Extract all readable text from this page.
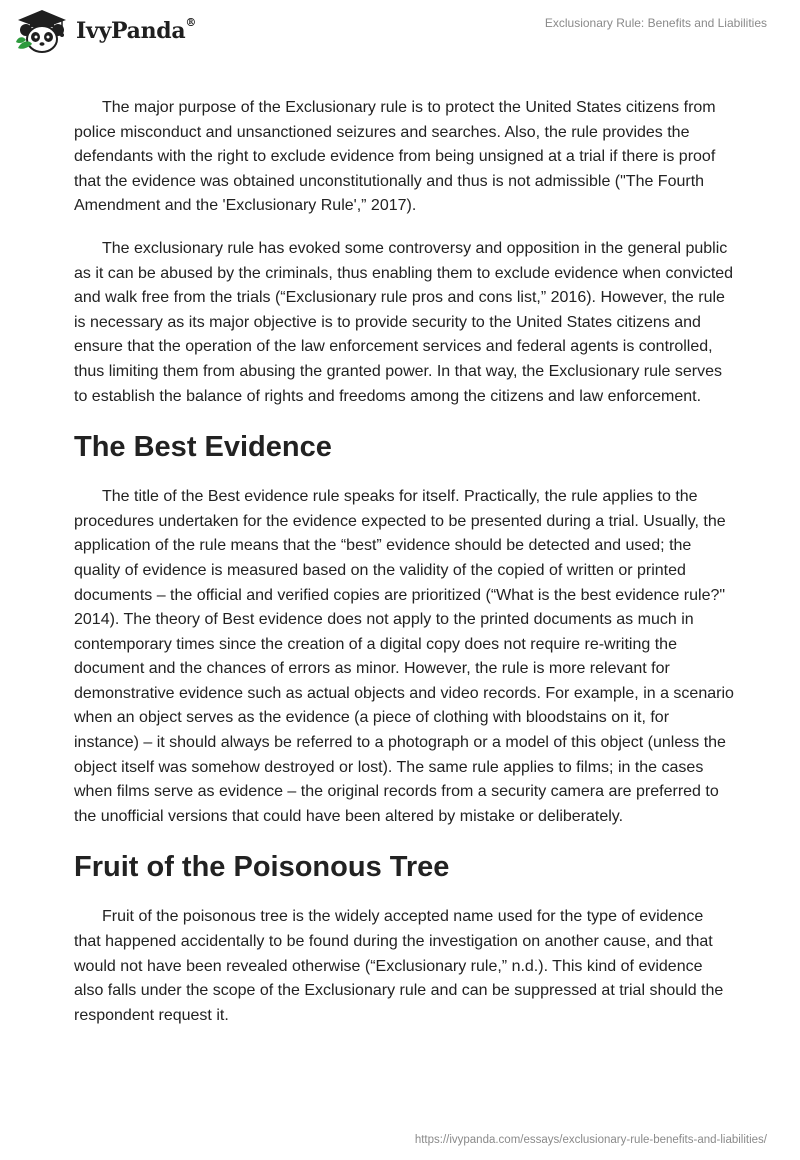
IvyPanda®	Exclusionary Rule: Benefits and Liabilities

The major purpose of the Exclusionary rule is to protect the United States citizens from police misconduct and unsanctioned seizures and searches. Also, the rule provides the defendants with the right to exclude evidence from being unsigned at a trial if there is proof that the evidence was obtained unconstitutionally and thus is not admissible ("The Fourth Amendment and the 'Exclusionary Rule',” 2017).

The exclusionary rule has evoked some controversy and opposition in the general public as it can be abused by the criminals, thus enabling them to exclude evidence when convicted and walk free from the trials (“Exclusionary rule pros and cons list,” 2016). However, the rule is necessary as its major objective is to provide security to the United States citizens and ensure that the operation of the law enforcement services and federal agents is controlled, thus limiting them from abusing the granted power. In that way, the Exclusionary rule serves to establish the balance of rights and freedoms among the citizens and law enforcement.

The Best Evidence

The title of the Best evidence rule speaks for itself. Practically, the rule applies to the procedures undertaken for the evidence expected to be presented during a trial. Usually, the application of the rule means that the “best” evidence should be detected and used; the quality of evidence is measured based on the validity of the copied of written or printed documents – the official and verified copies are prioritized (“What is the best evidence rule?" 2014). The theory of Best evidence does not apply to the printed documents as much in contemporary times since the creation of a digital copy does not require re-writing the document and the chances of errors as minor. However, the rule is more relevant for demonstrative evidence such as actual objects and video records. For example, in a scenario when an object serves as the evidence (a piece of clothing with bloodstains on it, for instance) – it should always be referred to a photograph or a model of this object (unless the object itself was somehow destroyed or lost). The same rule applies to films; in the cases when films serve as evidence – the original records from a security camera are preferred to the unofficial versions that could have been altered by mistake or deliberately.

Fruit of the Poisonous Tree

Fruit of the poisonous tree is the widely accepted name used for the type of evidence that happened accidentally to be found during the investigation on another cause, and that would not have been revealed otherwise (“Exclusionary rule,” n.d.). This kind of evidence also falls under the scope of the Exclusionary rule and can be suppressed at trial should the respondent request it.

https://ivypanda.com/essays/exclusionary-rule-benefits-and-liabilities/
